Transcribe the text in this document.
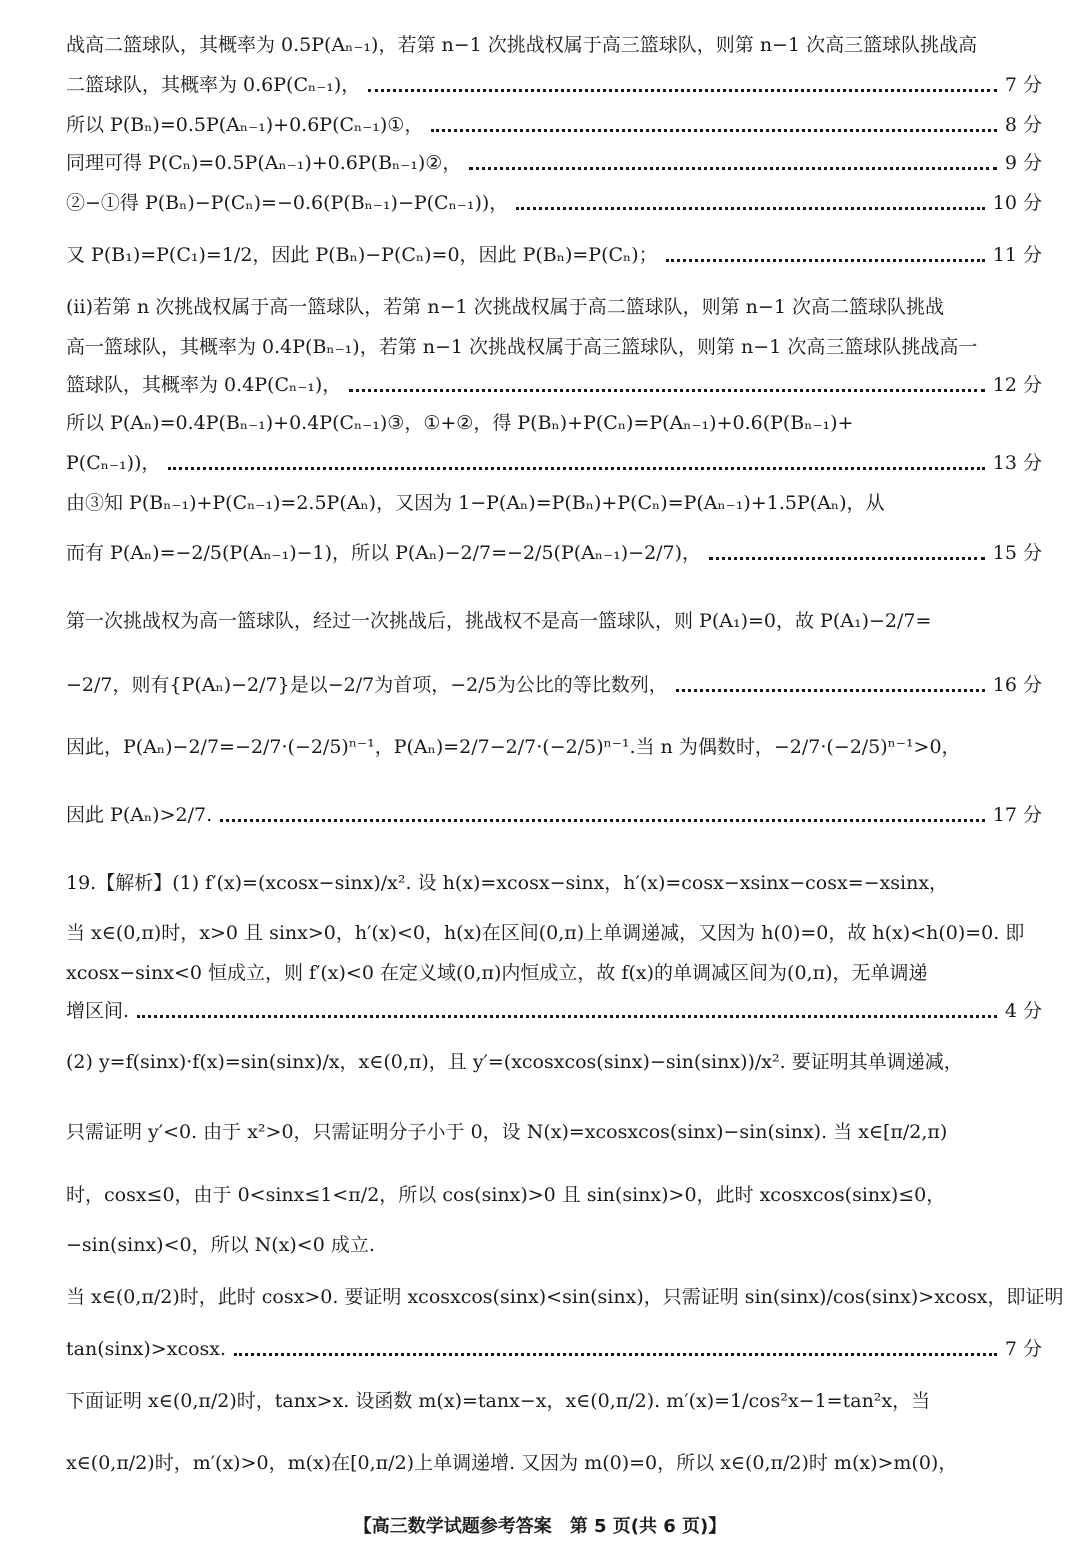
战高二篮球队，其概率为 0.5P(Aₙ₋₁)，若第 n−1 次挑战权属于高三篮球队，则第 n−1 次高三篮球队挑战高
二篮球队，其概率为 0.6P(Cₙ₋₁)，	7 分
所以 P(Bₙ)=0.5P(Aₙ₋₁)+0.6P(Cₙ₋₁)①，	8 分
同理可得 P(Cₙ)=0.5P(Aₙ₋₁)+0.6P(Bₙ₋₁)②，	9 分
②−①得 P(Bₙ)−P(Cₙ)=−0.6(P(Bₙ₋₁)−P(Cₙ₋₁))，	10 分
又 P(B₁)=P(C₁)=1/2，因此 P(Bₙ)−P(Cₙ)=0，因此 P(Bₙ)=P(Cₙ)；	11 分
(ⅱ)若第 n 次挑战权属于高一篮球队，若第 n−1 次挑战权属于高二篮球队，则第 n−1 次高二篮球队挑战
高一篮球队，其概率为 0.4P(Bₙ₋₁)，若第 n−1 次挑战权属于高三篮球队，则第 n−1 次高三篮球队挑战高一
篮球队，其概率为 0.4P(Cₙ₋₁)，	12 分
所以 P(Aₙ)=0.4P(Bₙ₋₁)+0.4P(Cₙ₋₁)③，①+②，得 P(Bₙ)+P(Cₙ)=P(Aₙ₋₁)+0.6(P(Bₙ₋₁)+
P(Cₙ₋₁))，	13 分
由③知 P(Bₙ₋₁)+P(Cₙ₋₁)=2.5P(Aₙ)，又因为 1−P(Aₙ)=P(Bₙ)+P(Cₙ)=P(Aₙ₋₁)+1.5P(Aₙ)，从
而有 P(Aₙ)=−2/5(P(Aₙ₋₁)−1)，所以 P(Aₙ)−2/7=−2/5(P(Aₙ₋₁)−2/7)，	15 分
第一次挑战权为高一篮球队，经过一次挑战后，挑战权不是高一篮球队，则 P(A₁)=0，故 P(A₁)−2/7=
−2/7，则有{P(Aₙ)−2/7}是以−2/7为首项，−2/5为公比的等比数列，	16 分
因此，P(Aₙ)−2/7=−2/7·(−2/5)ⁿ⁻¹，P(Aₙ)=2/7−2/7·(−2/5)ⁿ⁻¹.当 n 为偶数时，−2/7·(−2/5)ⁿ⁻¹>0，
因此 P(Aₙ)>2/7.	17 分
19.【解析】(1) f′(x)=(xcosx−sinx)/x². 设 h(x)=xcosx−sinx，h′(x)=cosx−xsinx−cosx=−xsinx，
当 x∈(0,π)时，x>0 且 sinx>0，h′(x)<0，h(x)在区间(0,π)上单调递减，又因为 h(0)=0，故 h(x)<h(0)=0. 即
xcosx−sinx<0 恒成立，则 f′(x)<0 在定义域(0,π)内恒成立，故 f(x)的单调减区间为(0,π)，无单调递
增区间.	4 分
(2) y=f(sinx)·f(x)=sin(sinx)/x，x∈(0,π)，且 y′=(xcosxcos(sinx)−sin(sinx))/x². 要证明其单调递减，
只需证明 y′<0. 由于 x²>0，只需证明分子小于 0，设 N(x)=xcosxcos(sinx)−sin(sinx). 当 x∈[π/2,π)
时，cosx≤0，由于 0<sinx≤1<π/2，所以 cos(sinx)>0 且 sin(sinx)>0，此时 xcosxcos(sinx)≤0，
−sin(sinx)<0，所以 N(x)<0 成立.
当 x∈(0,π/2)时，此时 cosx>0. 要证明 xcosxcos(sinx)<sin(sinx)，只需证明 sin(sinx)/cos(sinx)>xcosx，即证明
tan(sinx)>xcosx.	7 分
下面证明 x∈(0,π/2)时，tanx>x. 设函数 m(x)=tanx−x，x∈(0,π/2). m′(x)=1/cos²x−1=tan²x，当
x∈(0,π/2)时，m′(x)>0，m(x)在[0,π/2)上单调递增. 又因为 m(0)=0，所以 x∈(0,π/2)时 m(x)>m(0)，
【高三数学试题参考答案　第 5 页(共 6 页)】
